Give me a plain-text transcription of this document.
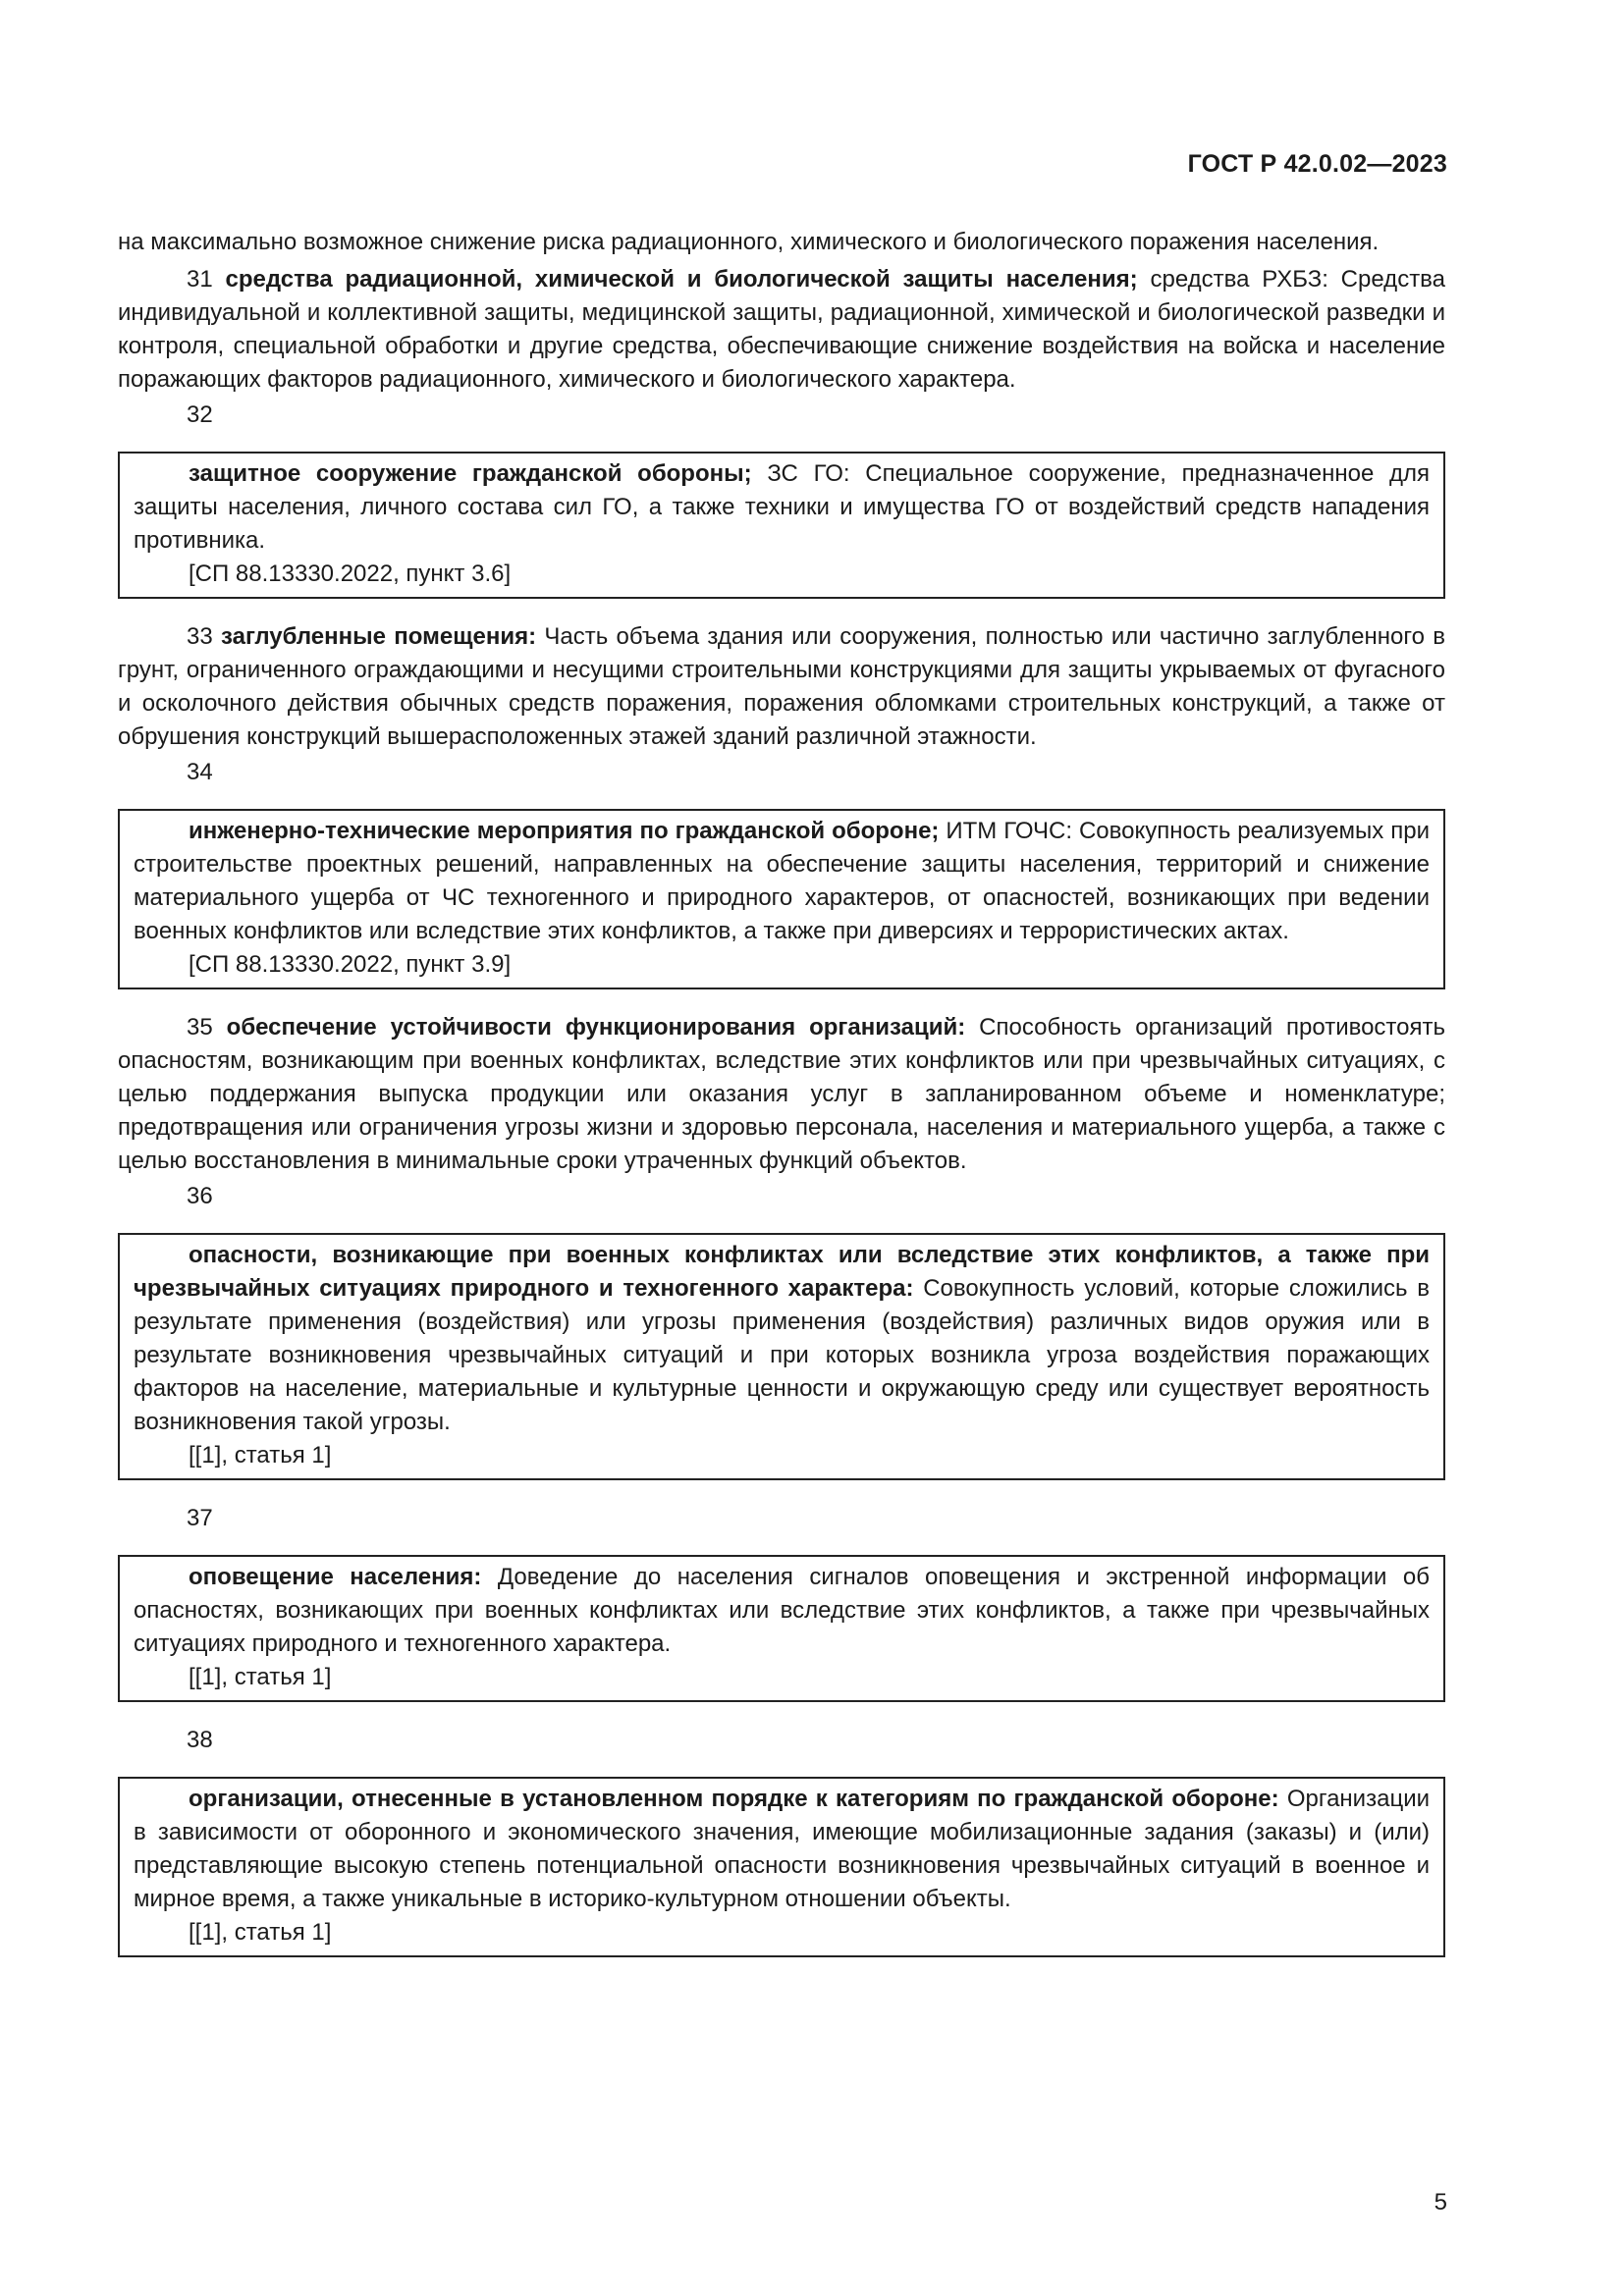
ГОСТ Р 42.0.02—2023

на максимально возможное снижение риска радиационного, химического и биологического поражения населения.

31 средства радиационной, химической и биологической защиты населения; средства РХБЗ: Средства индивидуальной и коллективной защиты, медицинской защиты, радиационной, химической и биологической разведки и контроля, специальной обработки и другие средства, обеспечивающие снижение воздействия на войска и население поражающих факторов радиационного, химического и биологического характера.

32

защитное сооружение гражданской обороны; ЗС ГО: Специальное сооружение, предназначенное для защиты населения, личного состава сил ГО, а также техники и имущества ГО от воздействий средств нападения противника.

[СП 88.13330.2022, пункт 3.6]

33 заглубленные помещения: Часть объема здания или сооружения, полностью или частично заглубленного в грунт, ограниченного ограждающими и несущими строительными конструкциями для защиты укрываемых от фугасного и осколочного действия обычных средств поражения, поражения обломками строительных конструкций, а также от обрушения конструкций вышерасположенных этажей зданий различной этажности.

34

инженерно-технические мероприятия по гражданской обороне; ИТМ ГОЧС: Совокупность реализуемых при строительстве проектных решений, направленных на обеспечение защиты населения, территорий и снижение материального ущерба от ЧС техногенного и природного характеров, от опасностей, возникающих при ведении военных конфликтов или вследствие этих конфликтов, а также при диверсиях и террористических актах.

[СП 88.13330.2022, пункт 3.9]

35 обеспечение устойчивости функционирования организаций: Способность организаций противостоять опасностям, возникающим при военных конфликтах, вследствие этих конфликтов или при чрезвычайных ситуациях, с целью поддержания выпуска продукции или оказания услуг в запланированном объеме и номенклатуре; предотвращения или ограничения угрозы жизни и здоровью персонала, населения и материального ущерба, а также с целью восстановления в минимальные сроки утраченных функций объектов.

36

опасности, возникающие при военных конфликтах или вследствие этих конфликтов, а также при чрезвычайных ситуациях природного и техногенного характера: Совокупность условий, которые сложились в результате применения (воздействия) или угрозы применения (воздействия) различных видов оружия или в результате возникновения чрезвычайных ситуаций и при которых возникла угроза воздействия поражающих факторов на население, материальные и культурные ценности и окружающую среду или существует вероятность возникновения такой угрозы.

[[1], статья 1]

37

оповещение населения: Доведение до населения сигналов оповещения и экстренной информации об опасностях, возникающих при военных конфликтах или вследствие этих конфликтов, а также при чрезвычайных ситуациях природного и техногенного характера.

[[1], статья 1]

38

организации, отнесенные в установленном порядке к категориям по гражданской обороне: Организации в зависимости от оборонного и экономического значения, имеющие мобилизационные задания (заказы) и (или) представляющие высокую степень потенциальной опасности возникновения чрезвычайных ситуаций в военное и мирное время, а также уникальные в историко-культурном отношении объекты.

[[1], статья 1]

5
